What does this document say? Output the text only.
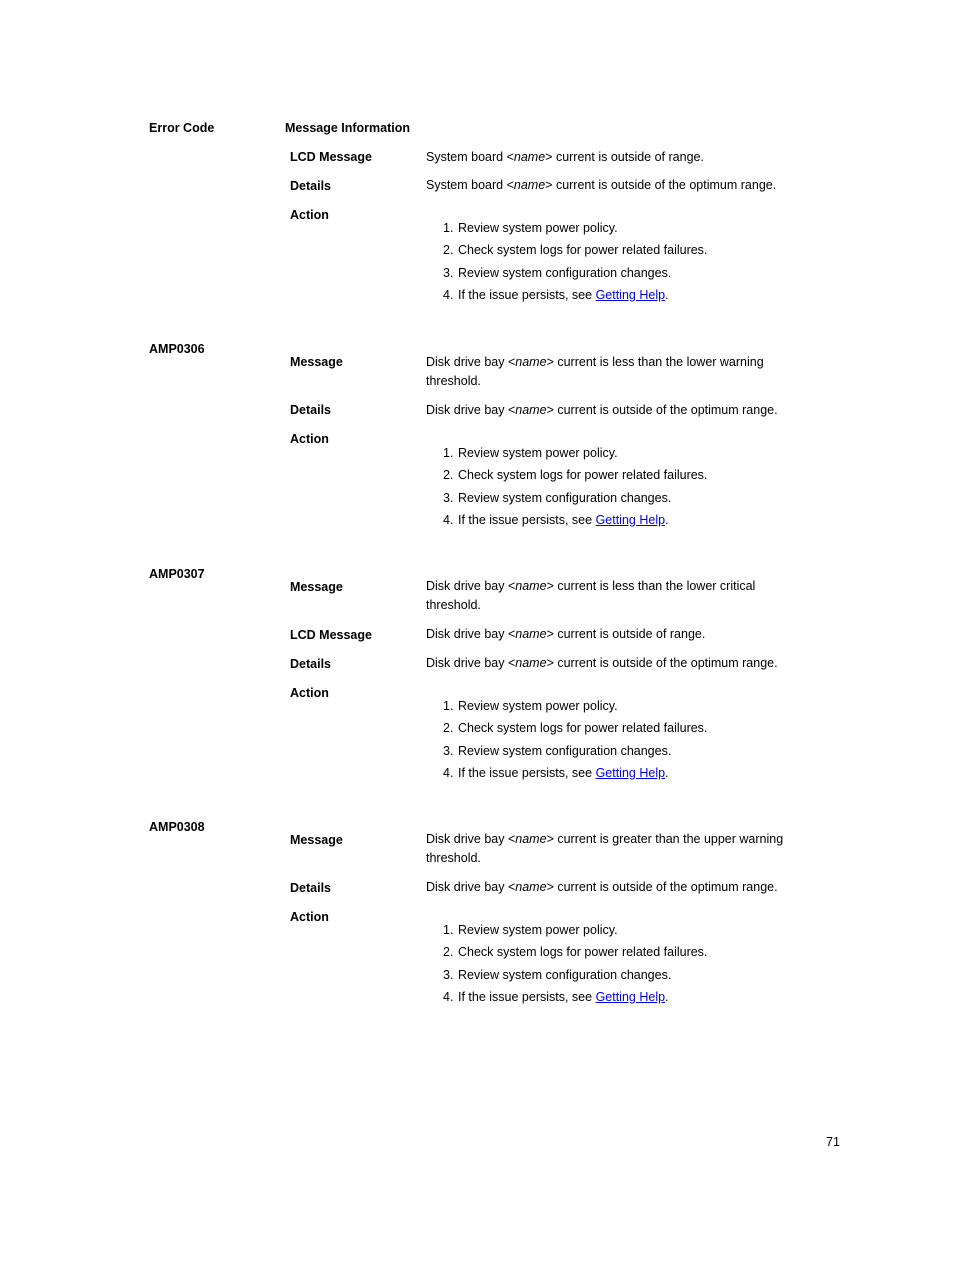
Error Code	Message Information
LCD Message	System board <name> current is outside of range.
Details	System board <name> current is outside of the optimum range.
Action
1. Review system power policy.
2. Check system logs for power related failures.
3. Review system configuration changes.
4. If the issue persists, see Getting Help.
AMP0306
Message	Disk drive bay <name> current is less than the lower warning threshold.
Details	Disk drive bay <name> current is outside of the optimum range.
Action
1. Review system power policy.
2. Check system logs for power related failures.
3. Review system configuration changes.
4. If the issue persists, see Getting Help.
AMP0307
Message	Disk drive bay <name> current is less than the lower critical threshold.
LCD Message	Disk drive bay <name> current is outside of range.
Details	Disk drive bay <name> current is outside of the optimum range.
Action
1. Review system power policy.
2. Check system logs for power related failures.
3. Review system configuration changes.
4. If the issue persists, see Getting Help.
AMP0308
Message	Disk drive bay <name> current is greater than the upper warning threshold.
Details	Disk drive bay <name> current is outside of the optimum range.
Action
1. Review system power policy.
2. Check system logs for power related failures.
3. Review system configuration changes.
4. If the issue persists, see Getting Help.
71
